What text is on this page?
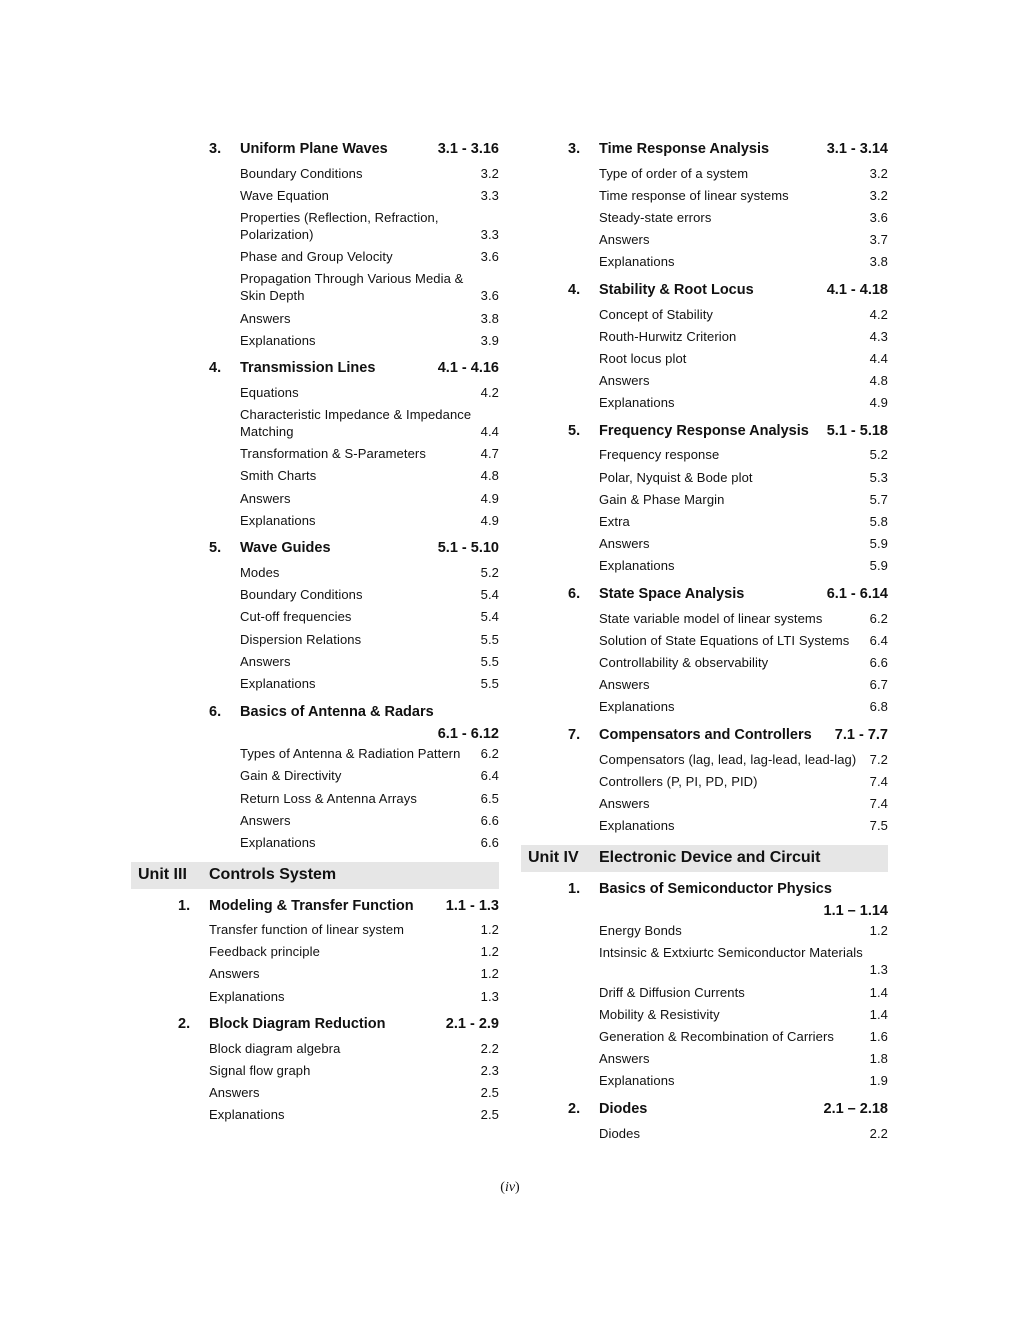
3.	Uniform Plane Waves	3.1 - 3.16
Boundary Conditions	3.2
Wave Equation	3.3
Properties (Reflection, Refraction, Polarization)	3.3
Phase and Group Velocity	3.6
Propagation Through Various Media & Skin Depth	3.6
Answers	3.8
Explanations	3.9
4.	Transmission Lines	4.1 - 4.16
Equations	4.2
Characteristic Impedance & Impedance Matching	4.4
Transformation & S-Parameters	4.7
Smith Charts	4.8
Answers	4.9
Explanations	4.9
5.	Wave Guides	5.1 - 5.10
Modes	5.2
Boundary Conditions	5.4
Cut-off frequencies	5.4
Dispersion Relations	5.5
Answers	5.5
Explanations	5.5
6.	Basics of Antenna & Radars
6.1 - 6.12
Types of Antenna & Radiation Pattern	6.2
Gain & Directivity	6.4
Return Loss & Antenna Arrays	6.5
Answers	6.6
Explanations	6.6
Unit III	Controls System
1.	Modeling & Transfer Function	1.1 - 1.3
Transfer function of linear system	1.2
Feedback principle	1.2
Answers	1.2
Explanations	1.3
2.	Block Diagram Reduction	2.1 - 2.9
Block diagram algebra	2.2
Signal flow graph	2.3
Answers	2.5
Explanations	2.5
3.	Time Response Analysis	3.1 - 3.14
Type of order of a system	3.2
Time response of linear systems	3.2
Steady-state errors	3.6
Answers	3.7
Explanations	3.8
4.	Stability & Root Locus	4.1 - 4.18
Concept of Stability	4.2
Routh-Hurwitz Criterion	4.3
Root locus plot	4.4
Answers	4.8
Explanations	4.9
5.	Frequency Response Analysis	5.1 - 5.18
Frequency response	5.2
Polar, Nyquist & Bode plot	5.3
Gain & Phase Margin	5.7
Extra	5.8
Answers	5.9
Explanations	5.9
6.	State Space Analysis	6.1 - 6.14
State variable model of linear systems	6.2
Solution of State Equations of LTI Systems	6.4
Controllability & observability	6.6
Answers	6.7
Explanations	6.8
7.	Compensators and Controllers	7.1 - 7.7
Compensators (lag, lead, lag-lead, lead-lag)	7.2
Controllers (P, PI, PD, PID)	7.4
Answers	7.4
Explanations	7.5
Unit IV	Electronic Device and Circuit
1.	Basics of Semiconductor Physics
1.1 – 1.14
Energy Bonds	1.2
Intsinsic & Extxiurtc Semiconductor Materials
1.3
Driff & Diffusion Currents	1.4
Mobility & Resistivity	1.4
Generation & Recombination of Carriers	1.6
Answers	1.8
Explanations	1.9
2.	Diodes	2.1 – 2.18
Diodes	2.2
(iv)
